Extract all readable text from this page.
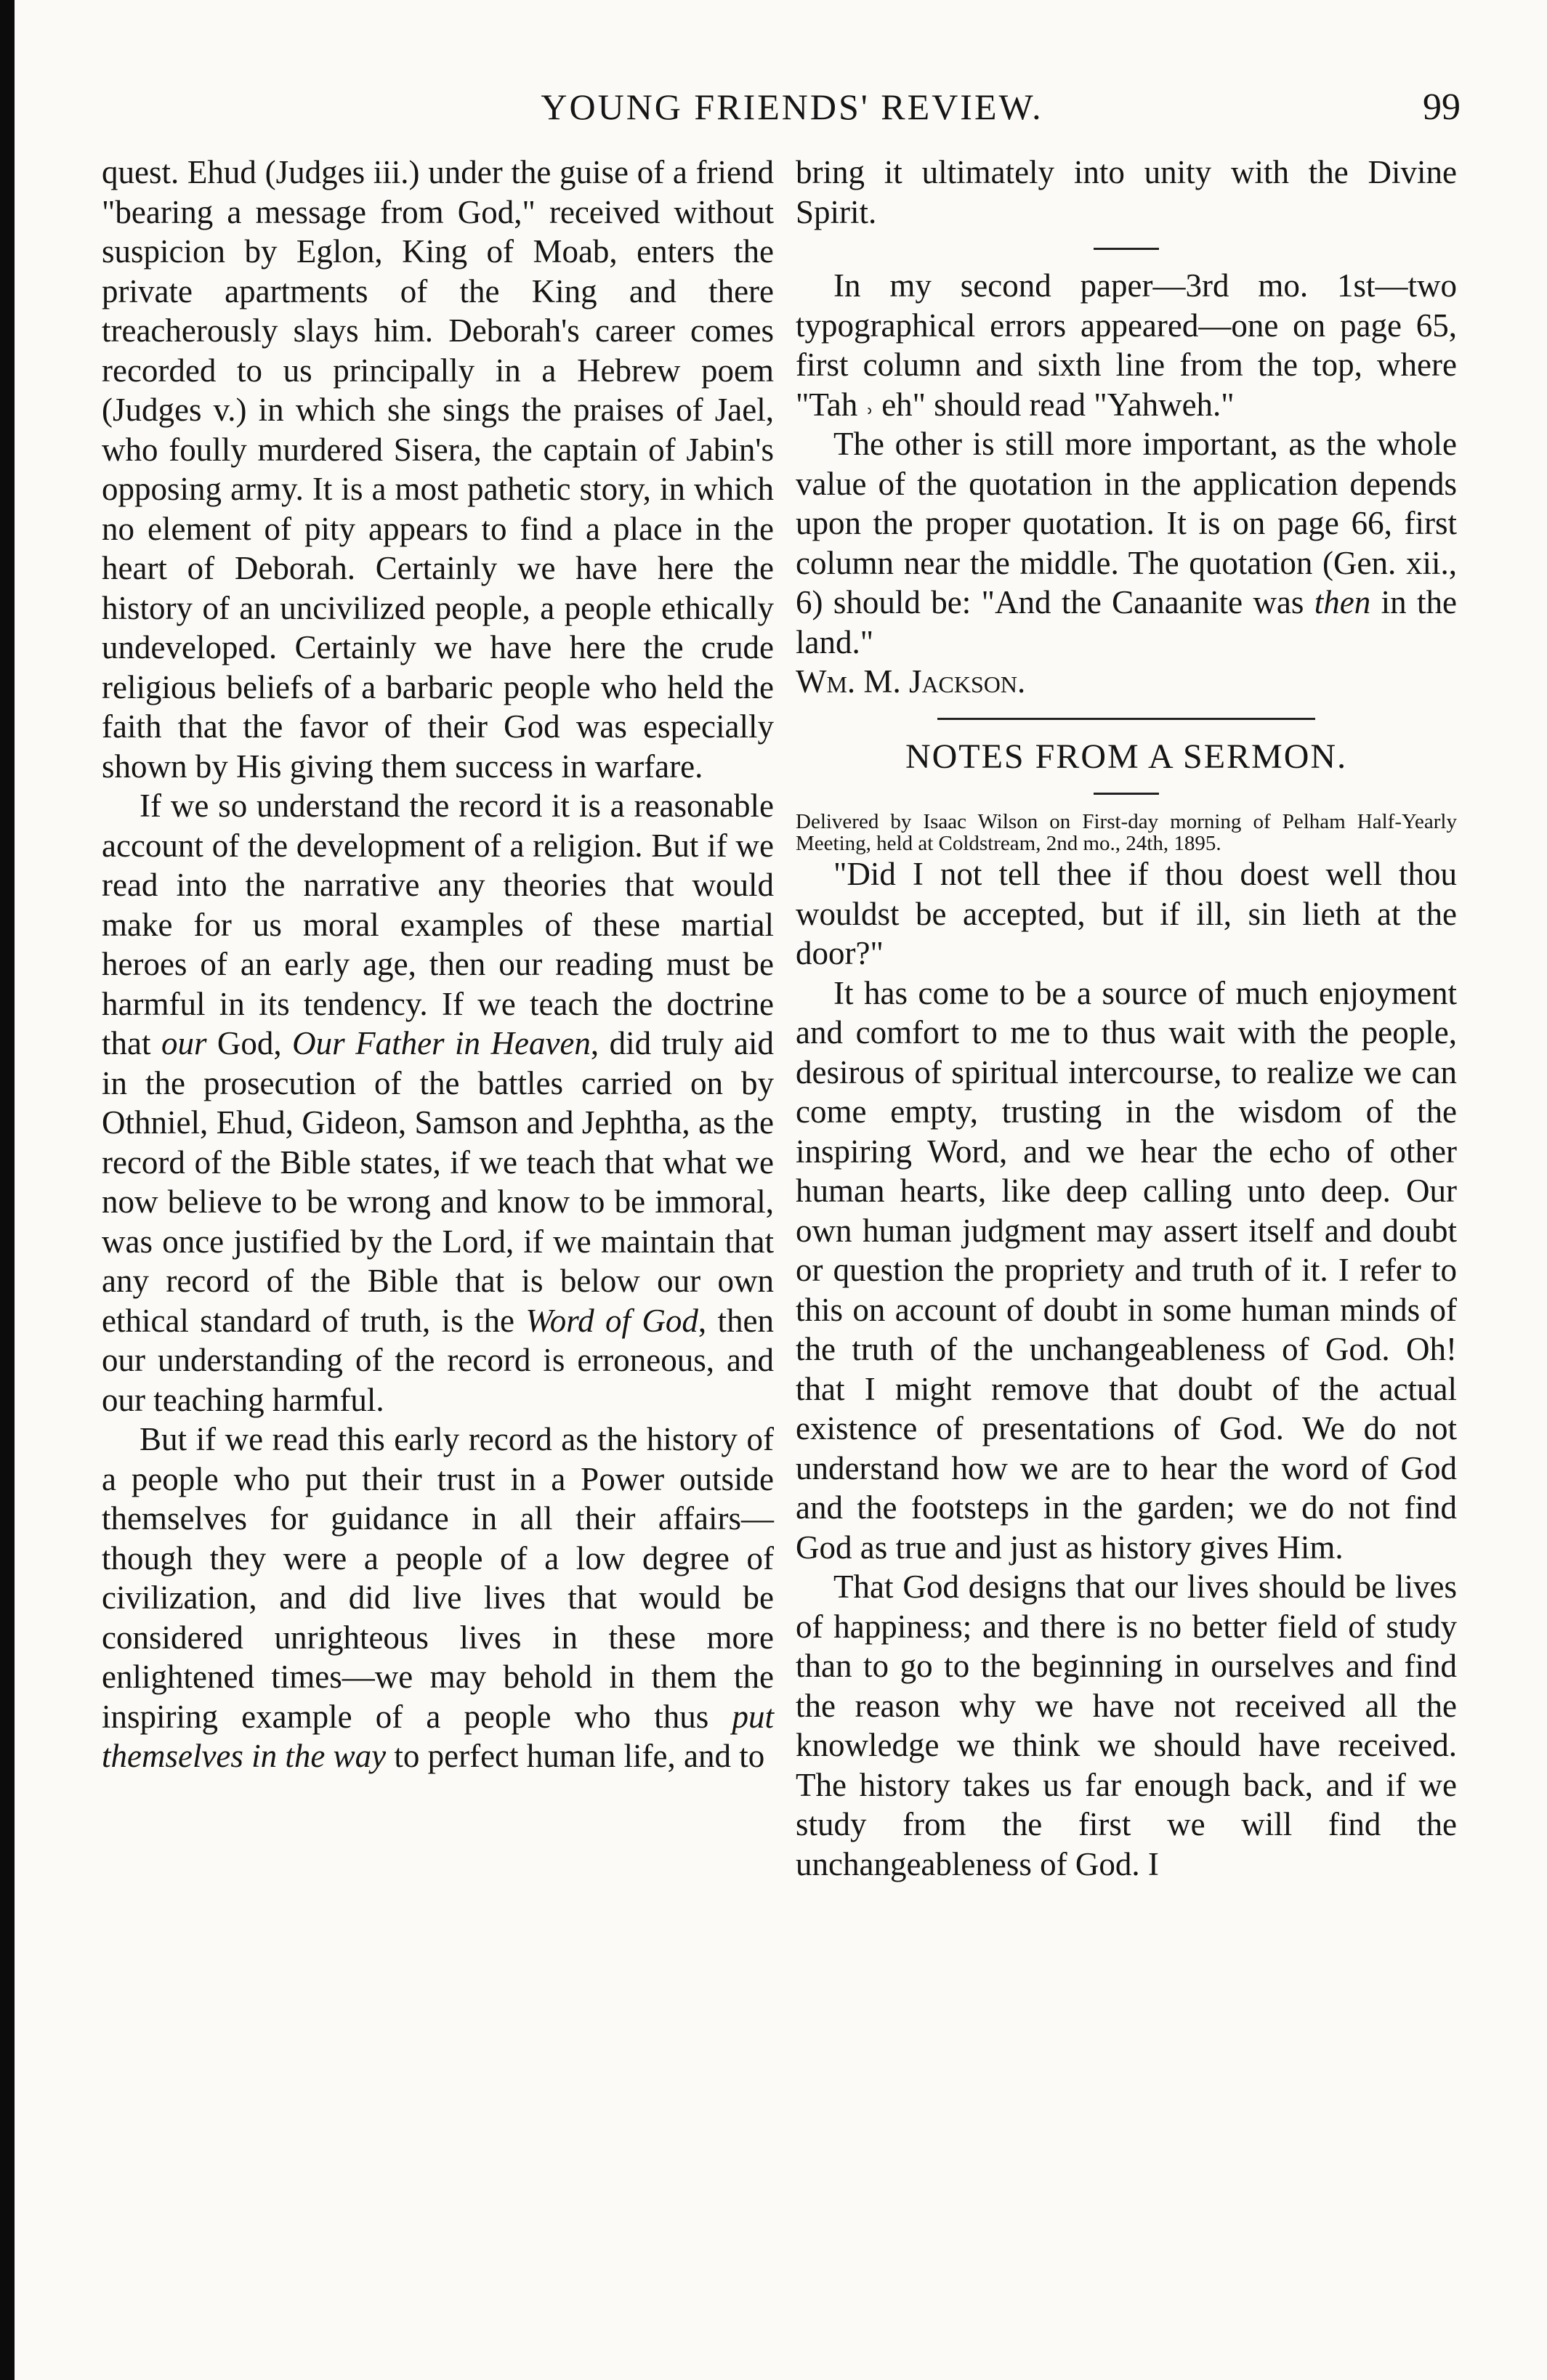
YOUNG FRIENDS' REVIEW.	99

quest. Ehud (Judges iii.) under the guise of a friend "bearing a message from God," received without suspicion by Eglon, King of Moab, enters the private apartments of the King and there treacherously slays him. Deborah's career comes recorded to us principally in a Hebrew poem (Judges v.) in which she sings the praises of Jael, who foully murdered Sisera, the captain of Jabin's opposing army. It is a most pathetic story, in which no element of pity appears to find a place in the heart of Deborah. Certainly we have here the history of an uncivilized people, a people ethically undeveloped. Certainly we have here the crude religious beliefs of a barbaric people who held the faith that the favor of their God was especially shown by His giving them success in warfare.

If we so understand the record it is a reasonable account of the development of a religion. But if we read into the narrative any theories that would make for us moral examples of these martial heroes of an early age, then our reading must be harmful in its tendency. If we teach the doctrine that our God, Our Father in Heaven, did truly aid in the prosecution of the battles carried on by Othniel, Ehud, Gideon, Samson and Jephtha, as the record of the Bible states, if we teach that what we now believe to be wrong and know to be immoral, was once justified by the Lord, if we maintain that any record of the Bible that is below our own ethical standard of truth, is the Word of God, then our understanding of the record is erroneous, and our teaching harmful.

But if we read this early record as the history of a people who put their trust in a Power outside themselves for guidance in all their affairs—though they were a people of a low degree of civilization, and did live lives that would be considered unrighteous lives in these more enlightened times—we may behold in them the inspiring example of a people who thus put themselves in the way to perfect human life, and to

bring it ultimately into unity with the Divine Spirit.

In my second paper—3rd mo. 1st—two typographical errors appeared—one on page 65, first column and sixth line from the top, where "Tah ˒ eh" should read "Yahweh."

The other is still more important, as the whole value of the quotation in the application depends upon the proper quotation. It is on page 66, first column near the middle. The quotation (Gen. xii., 6) should be: "And the Canaanite was then in the land."

Wm. M. Jackson.

NOTES FROM A SERMON.

Delivered by Isaac Wilson on First-day morning of Pelham Half-Yearly Meeting, held at Coldstream, 2nd mo., 24th, 1895.

"Did I not tell thee if thou doest well thou wouldst be accepted, but if ill, sin lieth at the door?"

It has come to be a source of much enjoyment and comfort to me to thus wait with the people, desirous of spiritual intercourse, to realize we can come empty, trusting in the wisdom of the inspiring Word, and we hear the echo of other human hearts, like deep calling unto deep. Our own human judgment may assert itself and doubt or question the propriety and truth of it. I refer to this on account of doubt in some human minds of the truth of the unchangeableness of God. Oh! that I might remove that doubt of the actual existence of presentations of God. We do not understand how we are to hear the word of God and the footsteps in the garden; we do not find God as true and just as history gives Him.

That God designs that our lives should be lives of happiness; and there is no better field of study than to go to the beginning in ourselves and find the reason why we have not received all the knowledge we think we should have received. The history takes us far enough back, and if we study from the first we will find the unchangeableness of God. I
